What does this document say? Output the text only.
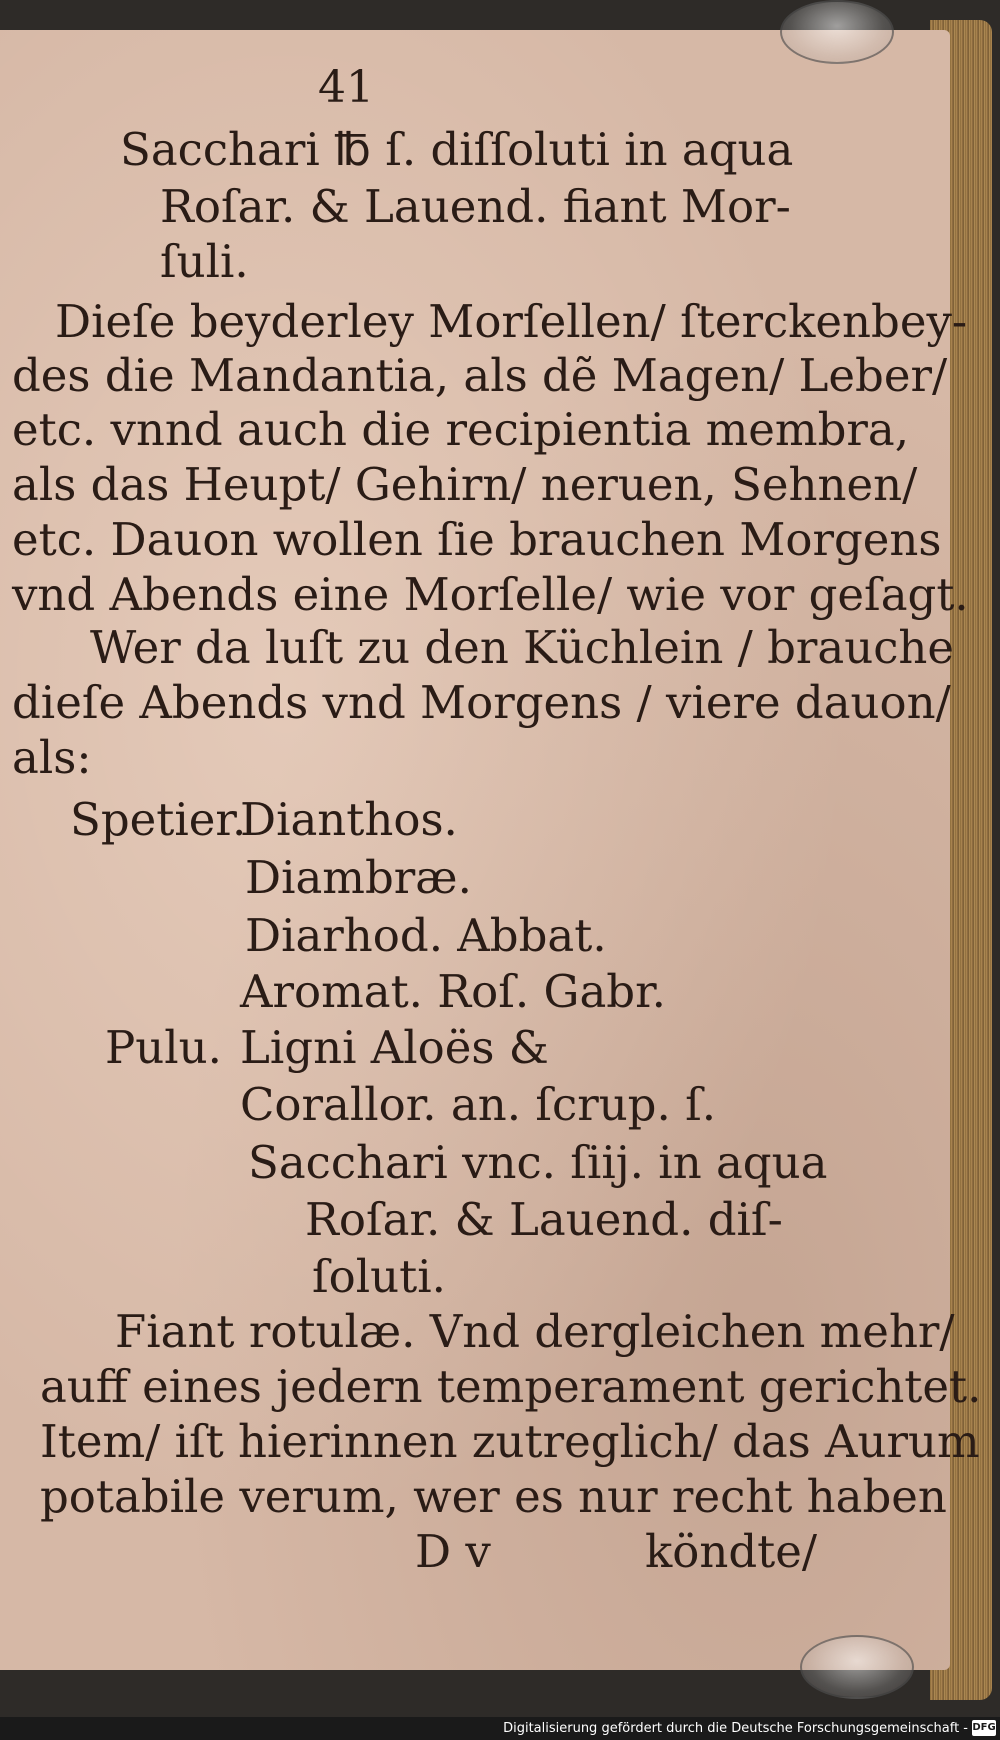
41
Sacchari ℔ ſ. diſſoluti in aqua
Roſar. & Lauend. fiant Mor-
ſuli.
Dieſe beyderley Morſellen/ ſterckenbey-
des die Mandantia, als dẽ Magen/ Leber/
etc. vnnd auch die recipientia membra,
als das Heupt/ Gehirn/ neruen, Sehnen/
etc. Dauon wollen ſie brauchen Morgens
vnd Abends eine Morſelle/ wie vor geſagt.
Wer da luſt zu den Küchlein / brauche
dieſe Abends vnd Morgens / viere dauon/
als:
Spetier.
Dianthos.
Diambræ.
Diarhod. Abbat.
Aromat. Roſ. Gabr.
Pulu. Ligni Aloës &
Corallor. an. ſcrup. ſ.
Sacchari vnc. ſiij. in aqua
Roſar. & Lauend. diſ-
ſoluti.
Fiant rotulæ. Vnd dergleichen mehr/
auff eines jedern temperament gerichtet.
Item/ iſt hierinnen zutreglich/ das Aurum
potabile verum, wer es nur recht haben
D v	köndte/
Digitalisierung gefördert durch die Deutsche Forschungsgemeinschaft - DFG
